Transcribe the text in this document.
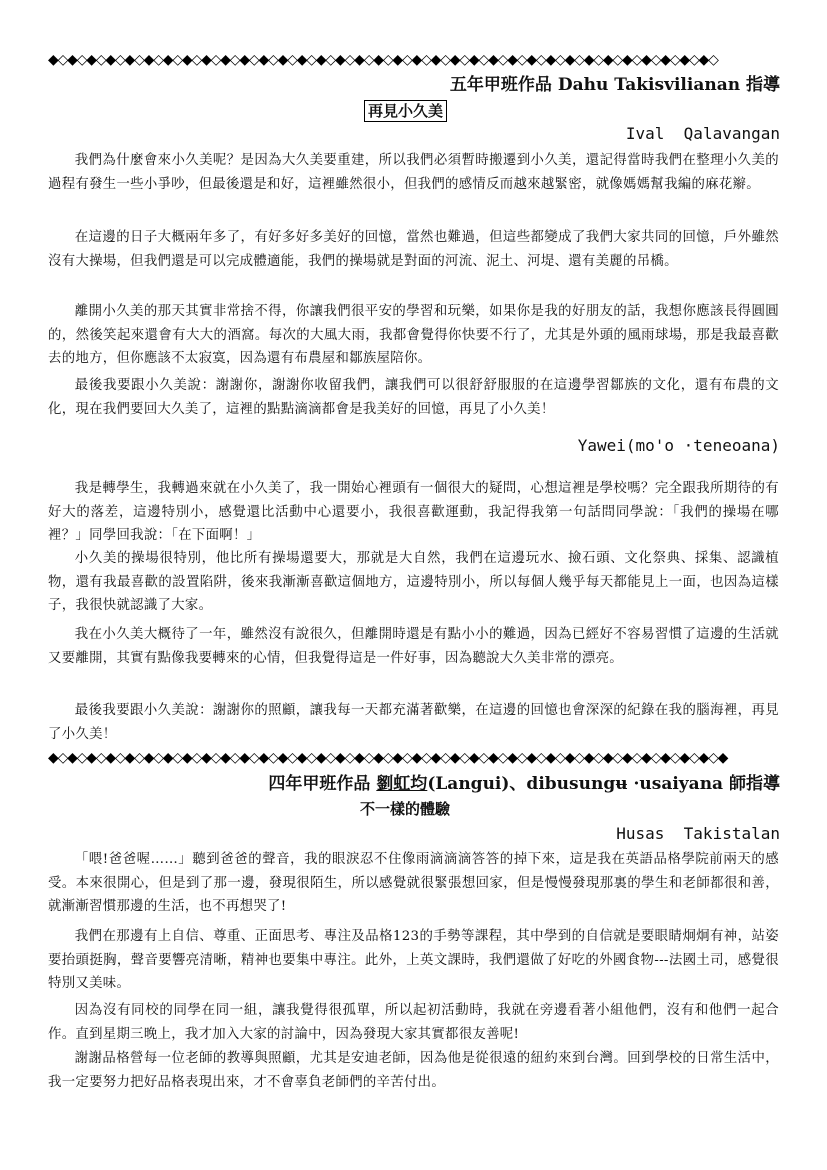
◆◇◆◇◆◇◆◇◆◇◆◇◆◇◆◇◆◇◆◇◆◇◆◇◆◇◆◇◆◇◆◇◆◇◆◇◆◇◆◇◆◇◆◇◆◇◆◇◆◇◆◇◆◇◆◇◆◇◆◇◆◇◆◇◆◇◆◇◆◇
五年甲班作品 Dahu Takisvilianan 指導
再見小久美
Ival  Qalavangan

我們為什麼會來小久美呢？是因為大久美要重建，所以我們必須暫時搬遷到小久美，還記得當時我們在整理小久美的過程有發生一些小爭吵，但最後還是和好，這裡雖然很小，但我們的感情反而越來越緊密，就像媽媽幫我編的麻花辮。

在這邊的日子大概兩年多了，有好多好多美好的回憶，當然也難過，但這些都變成了我們大家共同的回憶，戶外雖然沒有大操場，但我們還是可以完成體適能，我們的操場就是對面的河流、泥土、河堤、還有美麗的吊橋。

離開小久美的那天其實非常捨不得，你讓我們很平安的學習和玩樂，如果你是我的好朋友的話，我想你應該長得圓圓的，然後笑起來還會有大大的酒窩。每次的大風大雨，我都會覺得你快要不行了，尤其是外頭的風雨球場，那是我最喜歡去的地方，但你應該不太寂寞，因為還有布農屋和鄒族屋陪你。

最後我要跟小久美說：謝謝你，謝謝你收留我們，讓我們可以很舒舒服服的在這邊學習鄒族的文化，還有布農的文化，現在我們要回大久美了，這裡的點點滴滴都會是我美好的回憶，再見了小久美！

Yawei(mo'o ·teneoana)

我是轉學生，我轉過來就在小久美了，我一開始心裡頭有一個很大的疑問，心想這裡是學校嗎？完全跟我所期待的有好大的落差，這邊特別小，感覺還比活動中心還要小，我很喜歡運動，我記得我第一句話問同學說：「我們的操場在哪裡？」同學回我說：「在下面啊！」

小久美的操場很特別，他比所有操場還要大，那就是大自然，我們在這邊玩水、撿石頭、文化祭典、採集、認識植物，還有我最喜歡的設置陷阱，後來我漸漸喜歡這個地方，這邊特別小，所以每個人幾乎每天都能見上一面，也因為這樣子，我很快就認識了大家。

我在小久美大概待了一年，雖然沒有說很久，但離開時還是有點小小的難過，因為已經好不容易習慣了這邊的生活就又要離開，其實有點像我要轉來的心情，但我覺得這是一件好事，因為聽說大久美非常的漂亮。

最後我要跟小久美說：謝謝你的照顧，讓我每一天都充滿著歡樂，在這邊的回憶也會深深的紀錄在我的腦海裡，再見了小久美！

◆◇◆◇◆◇◆◇◆◇◆◇◆◇◆◇◆◇◆◇◆◇◆◇◆◇◆◇◆◇◆◇◆◇◆◇◆◇◆◇◆◇◆◇◆◇◆◇◆◇◆◇◆◇◆◇◆◇◆◇◆◇◆◇◆◇◆◇◆◇◆
四年甲班作品 劉虹均(Langui)、dibusungʉ ·usaiyana 師指導
不一樣的體驗
Husas  Takistalan

「喂!爸爸喔……」聽到爸爸的聲音，我的眼淚忍不住像雨滴滴滴答答的掉下來，這是我在英語品格學院前兩天的感受。本來很開心，但是到了那一邊，發現很陌生，所以感覺就很緊張想回家，但是慢慢發現那裏的學生和老師都很和善，就漸漸習慣那邊的生活，也不再想哭了!

我們在那邊有上自信、尊重、正面思考、專注及品格123的手勢等課程，其中學到的自信就是要眼睛炯炯有神，站姿要抬頭挺胸，聲音要響亮清晰，精神也要集中專注。此外，上英文課時，我們還做了好吃的外國食物---法國土司，感覺很特別又美味。

因為沒有同校的同學在同一組，讓我覺得很孤單，所以起初活動時，我就在旁邊看著小組他們，沒有和他們一起合作。直到星期三晚上，我才加入大家的討論中，因為發現大家其實都很友善呢!

謝謝品格營每一位老師的教導與照顧，尤其是安迪老師，因為他是從很遠的紐約來到台灣。回到學校的日常生活中，我一定要努力把好品格表現出來，才不會辜負老師們的辛苦付出。
